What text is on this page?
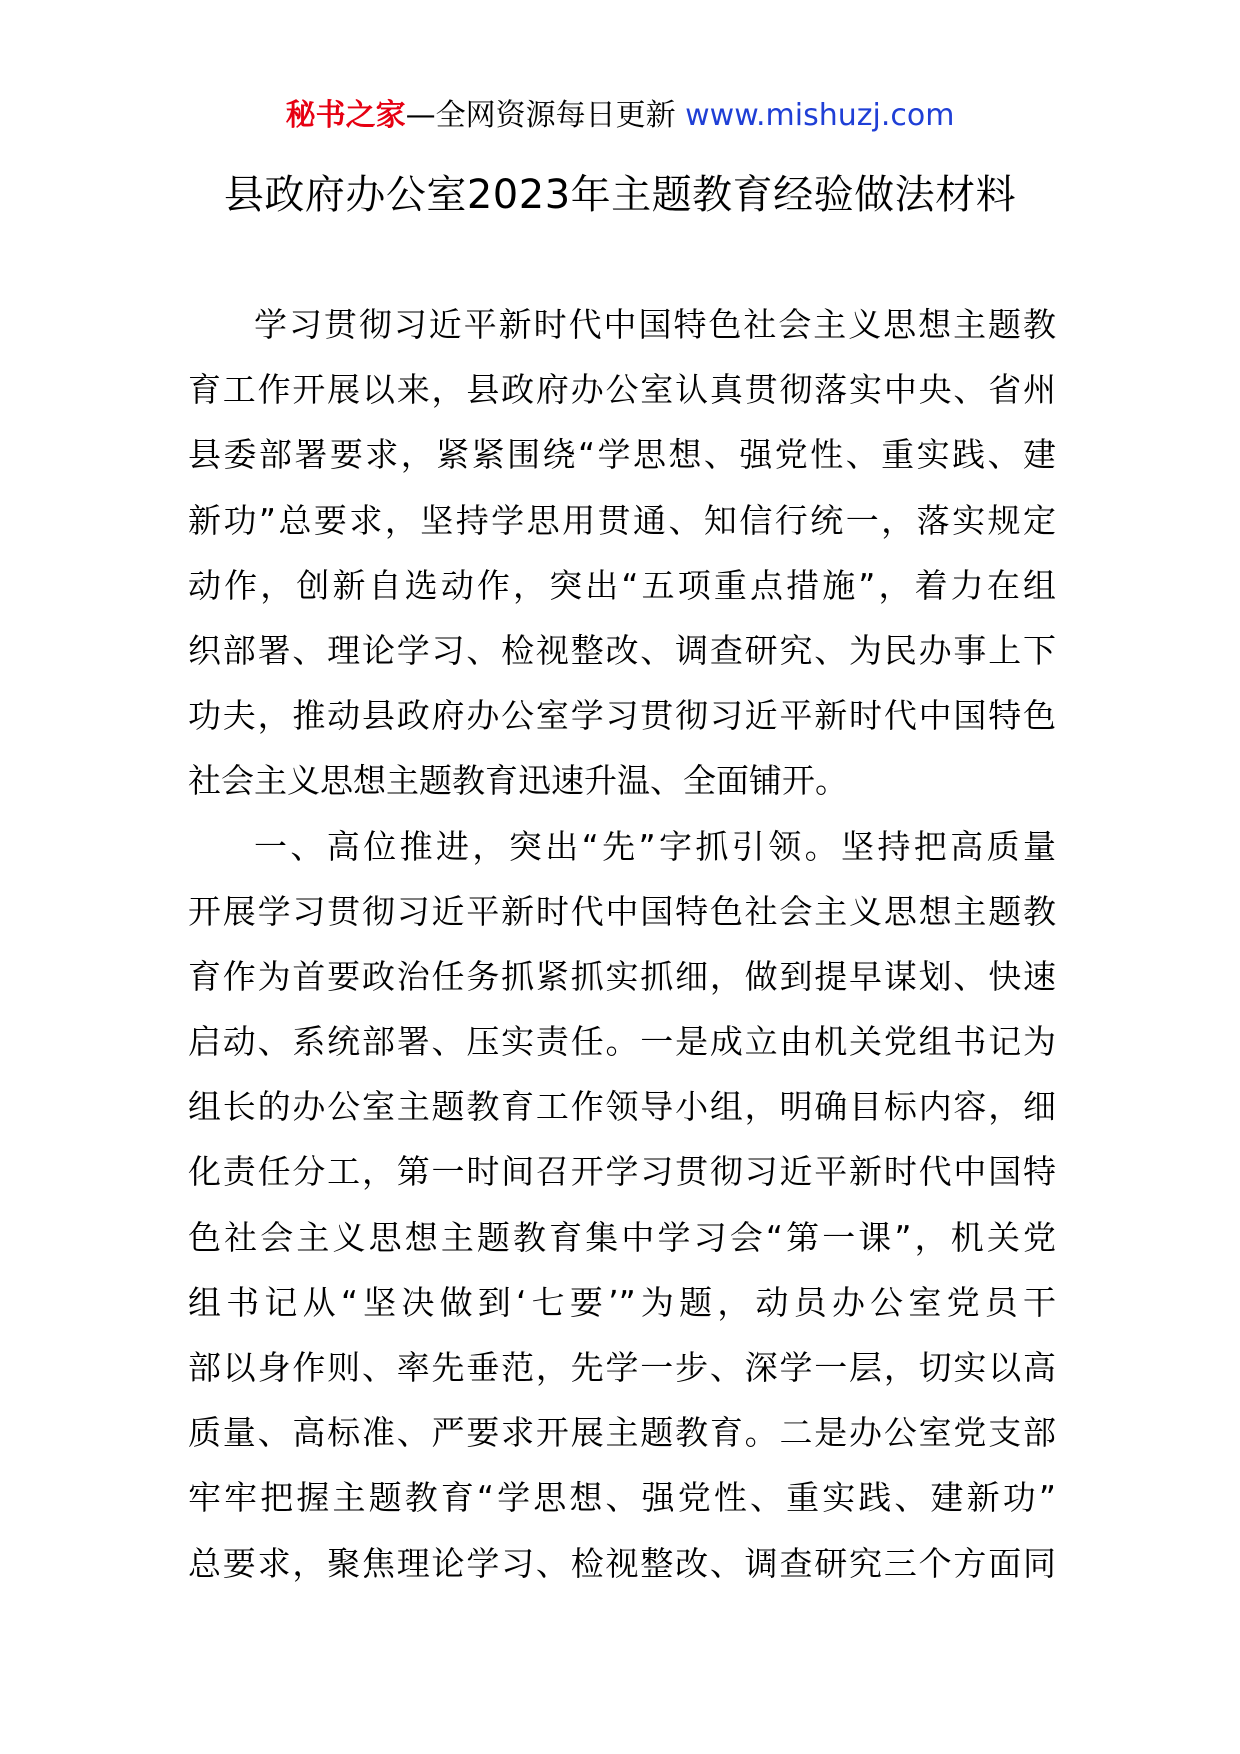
秘书之家—全网资源每日更新 www.mishuzj.com
县政府办公室2023年主题教育经验做法材料
学习贯彻习近平新时代中国特色社会主义思想主题教
育工作开展以来，县政府办公室认真贯彻落实中央、省州
县委部署要求，紧紧围绕“学思想、强党性、重实践、建
新功”总要求，坚持学思用贯通、知信行统一，落实规定
动作，创新自选动作，突出“五项重点措施”，着力在组
织部署、理论学习、检视整改、调查研究、为民办事上下
功夫，推动县政府办公室学习贯彻习近平新时代中国特色
社会主义思想主题教育迅速升温、全面铺开。
一、高位推进，突出“先”字抓引领。坚持把高质量
开展学习贯彻习近平新时代中国特色社会主义思想主题教
育作为首要政治任务抓紧抓实抓细，做到提早谋划、快速
启动、系统部署、压实责任。一是成立由机关党组书记为
组长的办公室主题教育工作领导小组，明确目标内容，细
化责任分工，第一时间召开学习贯彻习近平新时代中国特
色社会主义思想主题教育集中学习会“第一课”，机关党
组书记从“坚决做到‘七要’”为题，动员办公室党员干
部以身作则、率先垂范，先学一步、深学一层，切实以高
质量、高标准、严要求开展主题教育。二是办公室党支部
牢牢把握主题教育“学思想、强党性、重实践、建新功”
总要求，聚焦理论学习、检视整改、调查研究三个方面同
